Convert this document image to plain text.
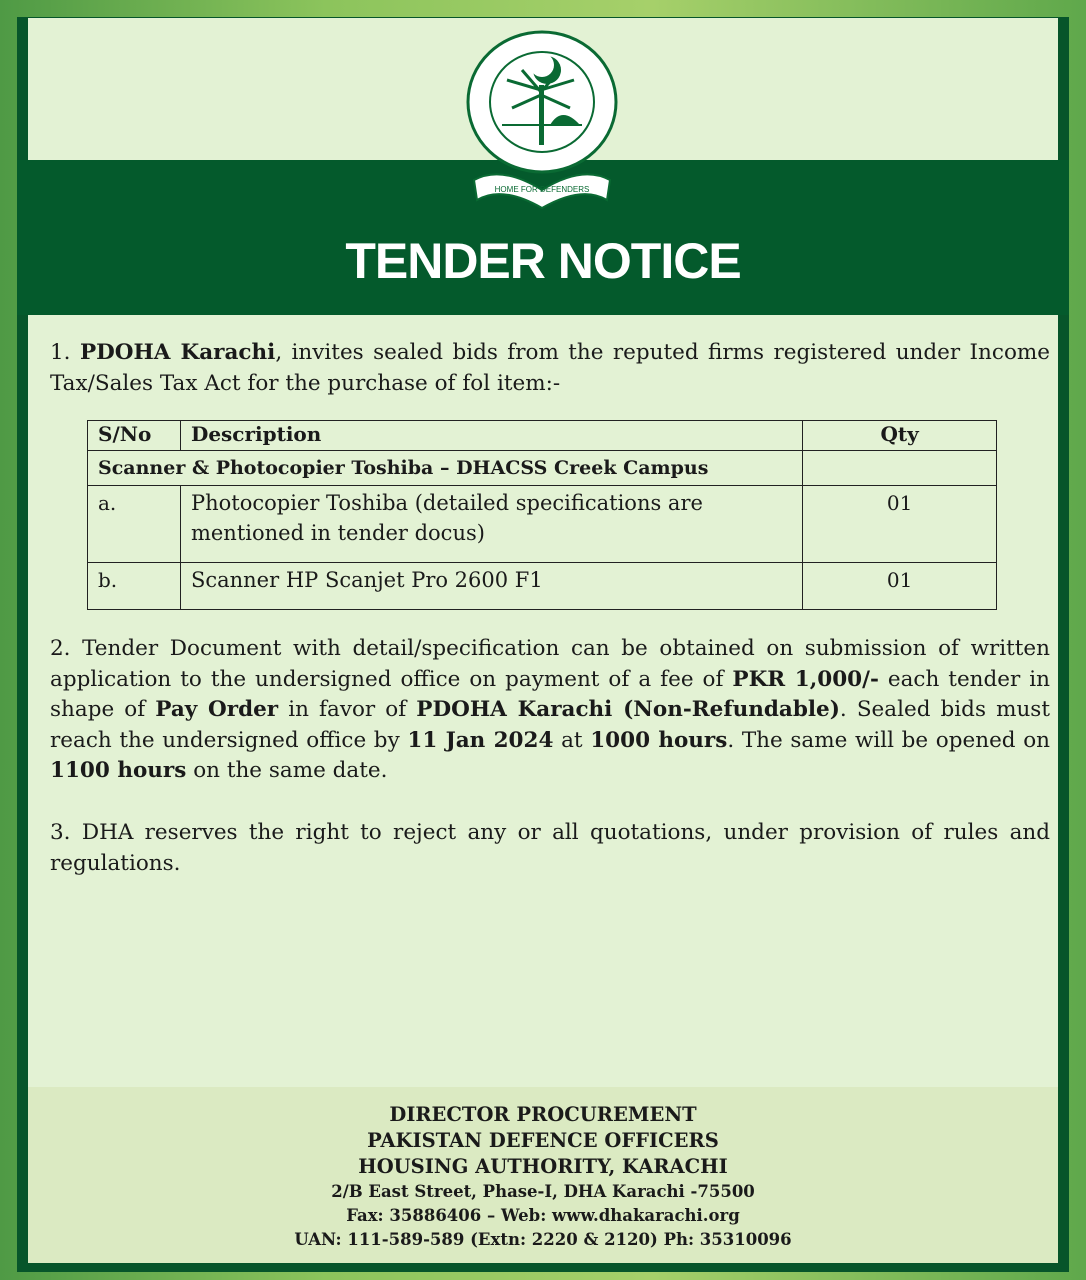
HOME FOR DEFENDERS
TENDER NOTICE
1. PDOHA Karachi, invites sealed bids from the reputed firms registered under Income Tax/Sales Tax Act for the purchase of fol item:-
S/No	Description	Qty
Scanner & Photocopier Toshiba – DHACSS Creek Campus		
a.	Photocopier Toshiba (detailed specifications are mentioned in tender docus)	01
b.	Scanner HP Scanjet Pro 2600 F1	01
2. Tender Document with detail/specification can be obtained on submission of written application to the undersigned office on payment of a fee of PKR 1,000/- each tender in shape of Pay Order in favor of PDOHA Karachi (Non-Refundable). Sealed bids must reach the undersigned office by 11 Jan 2024 at 1000 hours. The same will be opened on 1100 hours on the same date.
3. DHA reserves the right to reject any or all quotations, under provision of rules and regulations.
DIRECTOR PROCUREMENT
PAKISTAN DEFENCE OFFICERS
HOUSING AUTHORITY, KARACHI
2/B East Street, Phase-I, DHA Karachi -75500
Fax: 35886406 – Web: www.dhakarachi.org
UAN: 111-589-589 (Extn: 2220 & 2120) Ph: 35310096
